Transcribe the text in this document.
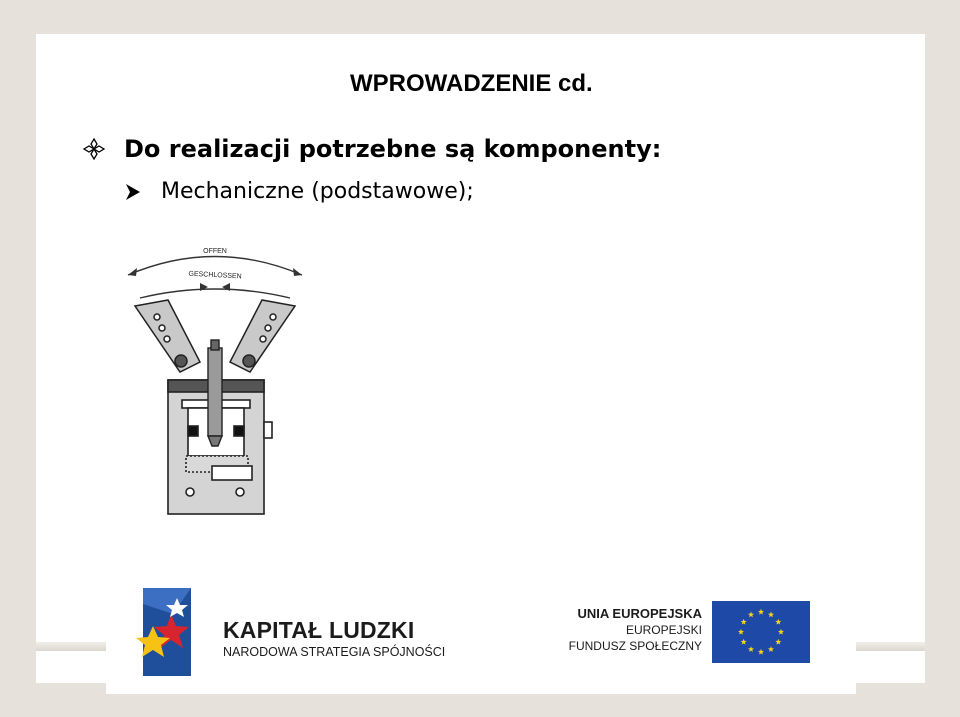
WPROWADZENIE cd.
Do realizacji potrzebne są komponenty:
Mechaniczne (podstawowe);
OFFEN
GESCHLOSSEN
KAPITAŁ LUDZKI
NARODOWA STRATEGIA SPÓJNOŚCI
UNIA EUROPEJSKA
EUROPEJSKI
FUNDUSZ SPOŁECZNY
